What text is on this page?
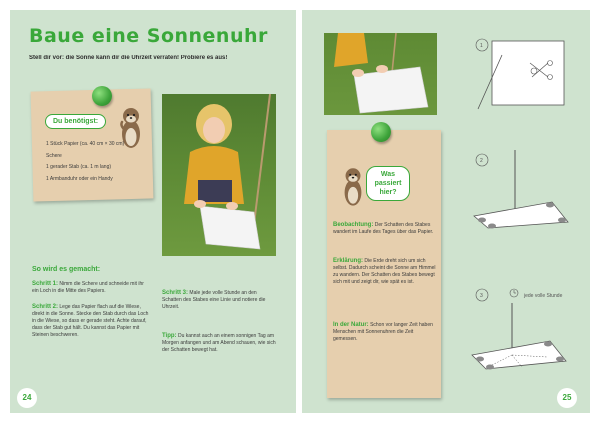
Baue eine Sonnenuhr
Stell dir vor: die Sonne kann dir die Uhrzeit verraten! Probiere es aus!
Du benötigst:
1 Stück Papier (ca. 40 cm × 30 cm)
Schere
1 gerader Stab (ca. 1 m lang)
1 Armbanduhr oder ein Handy
So wird es gemacht:
Schritt 1: Nimm die Schere und schneide mit ihr ein Loch in die Mitte des Papiers.
Schritt 2: Lege das Papier flach auf die Wiese, direkt in die Sonne. Stecke den Stab durch das Loch in die Wiese, so dass er gerade steht. Achte darauf, dass der Stab gut hält. Du kannst das Papier mit Steinen beschweren.
Schritt 3: Male jede volle Stunde an den Schatten des Stabes eine Linie und notiere die Uhrzeit.
Tipp: Du kannst auch an einem sonnigen Tag am Morgen anfangen und am Abend schauen, wie sich der Schatten bewegt hat.
24
Was passiert hier?
Beobachtung: Der Schatten des Stabes wandert im Laufe des Tages über das Papier.
Erklärung: Die Erde dreht sich um sich selbst. Dadurch scheint die Sonne am Himmel zu wandern. Der Schatten des Stabes bewegt sich mit und zeigt dir, wie spät es ist.
In der Natur: Schon vor langer Zeit haben Menschen mit Sonnenuhren die Zeit gemessen.
1
2
3	jede volle Stunde
25
